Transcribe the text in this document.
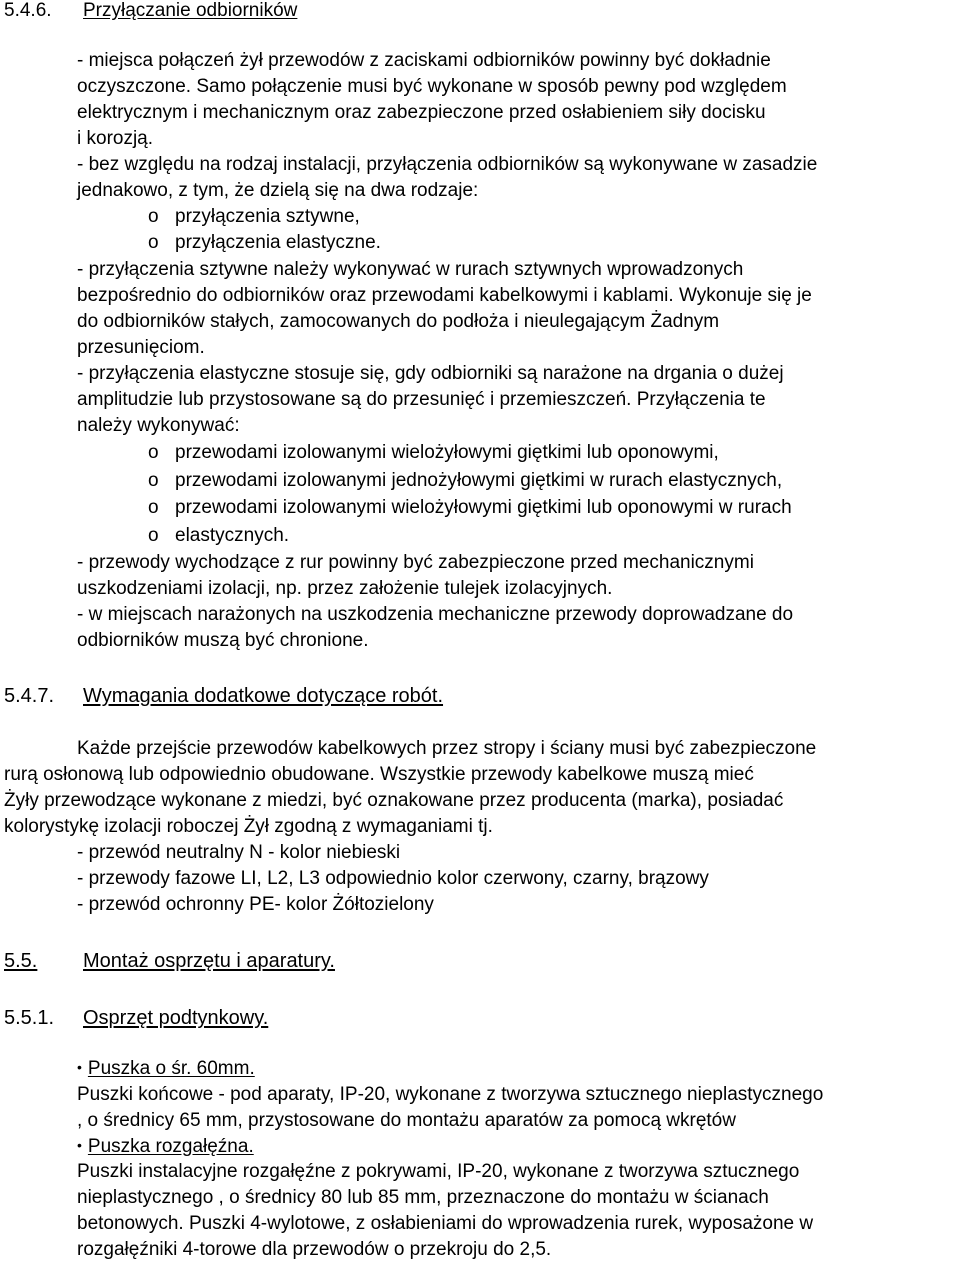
5.4.6. Przyłączanie odbiorników
- miejsca połączeń żył przewodów z zaciskami odbiorników powinny być dokładnie
oczyszczone. Samo połączenie musi być wykonane w sposób pewny pod względem
elektrycznym i mechanicznym oraz zabezpieczone przed osłabieniem siły docisku
i korozją.
- bez względu na rodzaj instalacji, przyłączenia odbiorników są wykonywane w zasadzie
jednakowo, z tym, że dzielą się na dwa rodzaje:
o przyłączenia sztywne,
o przyłączenia elastyczne.
- przyłączenia sztywne należy wykonywać w rurach sztywnych wprowadzonych
bezpośrednio do odbiorników oraz przewodami kabelkowymi i kablami. Wykonuje się je
do odbiorników stałych, zamocowanych do podłoża i nieulegającym Żadnym
przesunięciom.
- przyłączenia elastyczne stosuje się, gdy odbiorniki są narażone na drgania o dużej
amplitudzie lub przystosowane są do przesunięć i przemieszczeń. Przyłączenia te
należy wykonywać:
o przewodami izolowanymi wielożyłowymi giętkimi lub oponowymi,
o przewodami izolowanymi jednożyłowymi giętkimi w rurach elastycznych,
o przewodami izolowanymi wielożyłowymi giętkimi lub oponowymi w rurach
o elastycznych.
- przewody wychodzące z rur powinny być zabezpieczone przed mechanicznymi
uszkodzeniami izolacji, np. przez założenie tulejek izolacyjnych.
- w miejscach narażonych na uszkodzenia mechaniczne przewody doprowadzane do
odbiorników muszą być chronione.
5.4.7. Wymagania dodatkowe dotyczące robót.
Każde przejście przewodów kabelkowych przez stropy i ściany musi być zabezpieczone
rurą osłonową lub odpowiednio obudowane. Wszystkie przewody kabelkowe muszą mieć
Żyły przewodzące wykonane z miedzi, być oznakowane przez producenta (marka), posiadać
kolorystykę izolacji roboczej Żył zgodną z wymaganiami tj.
- przewód neutralny N - kolor niebieski
- przewody fazowe LI, L2, L3 odpowiednio kolor czerwony, czarny, brązowy
- przewód ochronny PE- kolor Żółtozielony
5.5. Montaż osprzętu i aparatury.
5.5.1. Osprzęt podtynkowy.
• Puszka o śr. 60mm.
Puszki końcowe - pod aparaty, IP-20, wykonane z tworzywa sztucznego nieplastycznego
, o średnicy 65 mm, przystosowane do montażu aparatów za pomocą wkrętów
• Puszka rozgałęźna.
Puszki instalacyjne rozgałęźne z pokrywami, IP-20, wykonane z tworzywa sztucznego
nieplastycznego , o średnicy 80 lub 85 mm, przeznaczone do montażu w ścianach
betonowych. Puszki 4-wylotowe, z osłabieniami do wprowadzenia rurek, wyposażone w
rozgałęźniki 4-torowe dla przewodów o przekroju do 2,5.
